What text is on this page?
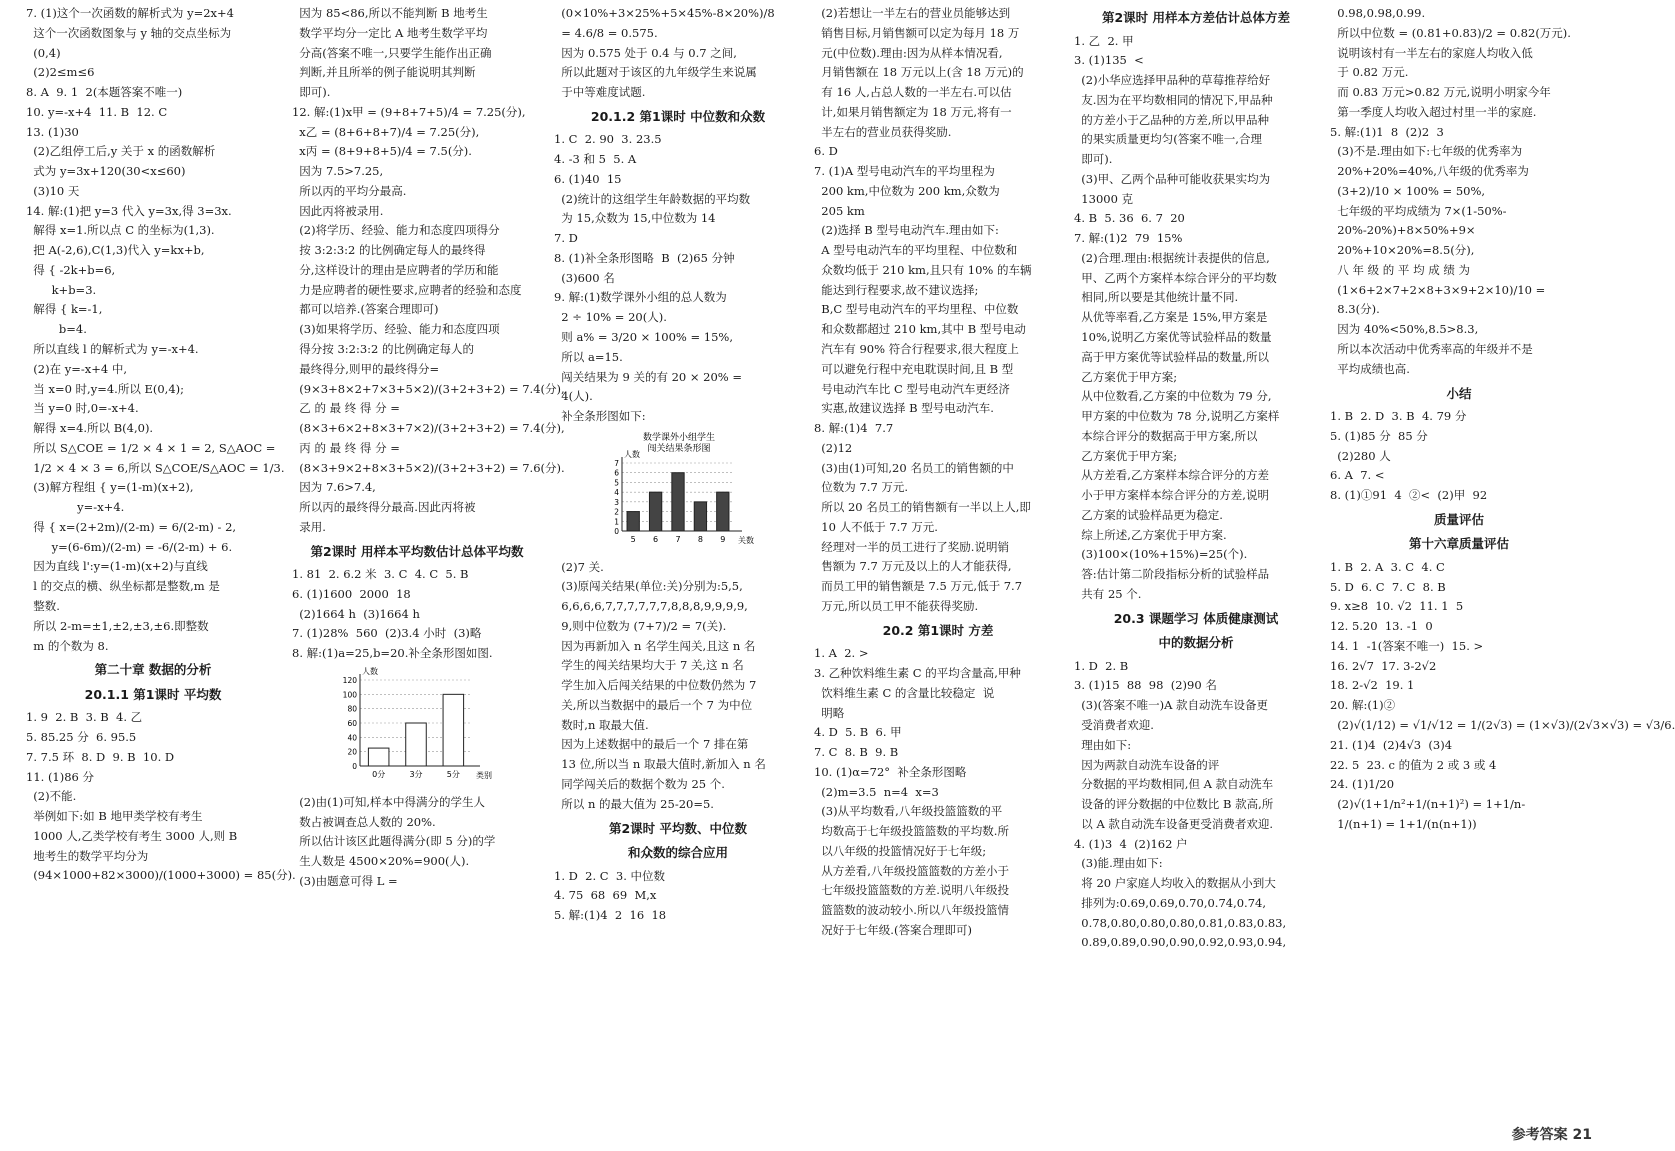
7. (1)这个一次函数的解析式为 y=2x+4
这个一次函数图象与 y 轴的交点坐标为
(0,4)
(2)2≤m≤6
8. A  9. 1  2(本题答案不唯一)
10. y=-x+4  11. B  12. C
13. (1)30
(2)乙组停工后,y 关于 x 的函数解析
式为 y=3x+120(30<x≤60)
(3)10 天
14. 解:(1)把 y=3 代入 y=3x,得 3=3x.
解得 x=1.所以点 C 的坐标为(1,3).
把 A(-2,6),C(1,3)代入 y=kx+b,
得 { -2k+b=6,
k+b=3.
解得 { k=-1,
b=4.
所以直线 l 的解析式为 y=-x+4.
(2)在 y=-x+4 中,
当 x=0 时,y=4.所以 E(0,4);
当 y=0 时,0=-x+4.
解得 x=4.所以 B(4,0).
所以 S△COE = 1/2 × 4 × 1 = 2, S△AOC =
1/2 × 4 × 3 = 6,所以 S△COE/S△AOC = 1/3.
(3)解方程组 { y=(1-m)(x+2),
y=-x+4.
得 { x=(2+2m)/(2-m) = 6/(2-m) - 2,
y=(6-6m)/(2-m) = -6/(2-m) + 6.
因为直线 l':y=(1-m)(x+2)与直线
l 的交点的横、纵坐标都是整数,m 是
整数.
所以 2-m=±1,±2,±3,±6.即整数
m 的个数为 8.
第二十章 数据的分析
20.1.1 第1课时 平均数
1. 9  2. B  3. B  4. 乙
5. 85.25 分  6. 95.5
7. 7.5 环  8. D  9. B  10. D
11. (1)86 分
(2)不能.
举例如下:如 B 地甲类学校有考生
1000 人,乙类学校有考生 3000 人,则 B
地考生的数学平均分为
(94×1000+82×3000)/(1000+3000) = 85(分).
因为 85<86,所以不能判断 B 地考生
数学平均分一定比 A 地考生数学平均
分高(答案不唯一,只要学生能作出正确
判断,并且所举的例子能说明其判断
即可).
12. 解:(1)x甲 = (9+8+7+5)/4 = 7.25(分),
x乙 = (8+6+8+7)/4 = 7.25(分),
x丙 = (8+9+8+5)/4 = 7.5(分).
因为 7.5>7.25,
所以丙的平均分最高.
因此丙将被录用.
(2)将学历、经验、能力和态度四项得分
按 3:2:3:2 的比例确定每人的最终得
分,这样设计的理由是应聘者的学历和能
力是应聘者的硬性要求,应聘者的经验和态度
都可以培养.(答案合理即可)
(3)如果将学历、经验、能力和态度四项
得分按 3:2:3:2 的比例确定每人的
最终得分,则甲的最终得分=
(9×3+8×2+7×3+5×2)/(3+2+3+2) = 7.4(分),
乙 的 最 终 得 分 =
(8×3+6×2+8×3+7×2)/(3+2+3+2) = 7.4(分),
丙 的 最 终 得 分 =
(8×3+9×2+8×3+5×2)/(3+2+3+2) = 7.6(分).
因为 7.6>7.4,
所以丙的最终得分最高.因此丙将被
录用.
第2课时 用样本平均数估计总体平均数
1. 81  2. 6.2 米  3. C  4. C  5. B
6. (1)1600  2000  18
(2)1664 h  (3)1664 h
7. (1)28%  560  (2)3.4 小时  (3)略
8. 解:(1)a=25,b=20.补全条形图如图.
0
20
40
60
80
100
120
人数
类别
0分	3分	5分
(2)由(1)可知,样本中得满分的学生人
数占被调查总人数的 20%.
所以估计该区此题得满分(即 5 分)的学
生人数是 4500×20%=900(人).
(3)由题意可得 L =
(0×10%+3×25%+5×45%-8×20%)/8
= 4.6/8 = 0.575.
因为 0.575 处于 0.4 与 0.7 之间,
所以此题对于该区的九年级学生来说属
于中等难度试题.
20.1.2 第1课时 中位数和众数
1. C  2. 90  3. 23.5
4. -3 和 5  5. A
6. (1)40  15
(2)统计的这组学生年龄数据的平均数
为 15,众数为 15,中位数为 14
7. D
8. (1)补全条形图略  B  (2)65 分钟
(3)600 名
9. 解:(1)数学课外小组的总人数为
2 ÷ 10% = 20(人).
则 a% = 3/20 × 100% = 15%,
所以 a=15.
闯关结果为 9 关的有 20 × 20% =
4(人).
补全条形图如下:
数学课外小组学生
闯关结果条形图
0
1
2
3
4
5
6
7
人数
关数
5 6 7 8 9
(2)7 关.
(3)原闯关结果(单位:关)分别为:5,5,
6,6,6,6,7,7,7,7,7,7,8,8,8,9,9,9,9,
9,则中位数为 (7+7)/2 = 7(关).
因为再新加入 n 名学生闯关,且这 n 名
学生的闯关结果均大于 7 关,这 n 名
学生加入后闯关结果的中位数仍然为 7
关,所以当数据中的最后一个 7 为中位
数时,n 取最大值.
因为上述数据中的最后一个 7 排在第
13 位,所以当 n 取最大值时,新加入 n 名
同学闯关后的数据个数为 25 个.
所以 n 的最大值为 25-20=5.
第2课时 平均数、中位数
和众数的综合应用
1. D  2. C  3. 中位数
4. 75  68  69  M,x
5. 解:(1)4  2  16  18
(2)若想让一半左右的营业员能够达到
销售目标,月销售额可以定为每月 18 万
元(中位数).理由:因为从样本情况看,
月销售额在 18 万元以上(含 18 万元)的
有 16 人,占总人数的一半左右.可以估
计,如果月销售额定为 18 万元,将有一
半左右的营业员获得奖励.
6. D
7. (1)A 型号电动汽车的平均里程为
200 km,中位数为 200 km,众数为
205 km
(2)选择 B 型号电动汽车.理由如下:
A 型号电动汽车的平均里程、中位数和
众数均低于 210 km,且只有 10% 的车辆
能达到行程要求,故不建议选择;
B,C 型号电动汽车的平均里程、中位数
和众数都超过 210 km,其中 B 型号电动
汽车有 90% 符合行程要求,很大程度上
可以避免行程中充电耽误时间,且 B 型
号电动汽车比 C 型号电动汽车更经济
实惠,故建议选择 B 型号电动汽车.
8. 解:(1)4  7.7
(2)12
(3)由(1)可知,20 名员工的销售额的中
位数为 7.7 万元.
所以 20 名员工的销售额有一半以上人,即
10 人不低于 7.7 万元.
经理对一半的员工进行了奖励.说明销
售额为 7.7 万元及以上的人才能获得,
而员工甲的销售额是 7.5 万元,低于 7.7
万元,所以员工甲不能获得奖励.
20.2 第1课时 方差
1. A  2. >
3. 乙种饮料维生素 C 的平均含量高,甲种
饮料维生素 C 的含量比较稳定  说
明略
4. D  5. B  6. 甲
7. C  8. B  9. B
10. (1)α=72°  补全条形图略
(2)m=3.5  n=4  x=3
(3)从平均数看,八年级投篮篮数的平
均数高于七年级投篮篮数的平均数.所
以八年级的投篮情况好于七年级;
从方差看,八年级投篮篮数的方差小于
七年级投篮篮数的方差.说明八年级投
篮篮数的波动较小.所以八年级投篮情
况好于七年级.(答案合理即可)
第2课时 用样本方差估计总体方差
1. 乙  2. 甲
3. (1)135  <
(2)小华应选择甲品种的草莓推荐给好
友.因为在平均数相同的情况下,甲品种
的方差小于乙品种的方差,所以甲品种
的果实质量更均匀(答案不唯一,合理
即可).
(3)甲、乙两个品种可能收获果实均为
13000 克
4. B  5. 36  6. 7  20
7. 解:(1)2  79  15%
(2)合理.理由:根据统计表提供的信息,
甲、乙两个方案样本综合评分的平均数
相同,所以要是其他统计量不同.
从优等率看,乙方案是 15%,甲方案是
10%,说明乙方案优等试验样品的数量
高于甲方案优等试验样品的数量,所以
乙方案优于甲方案;
从中位数看,乙方案的中位数为 79 分,
甲方案的中位数为 78 分,说明乙方案样
本综合评分的数据高于甲方案,所以
乙方案优于甲方案;
从方差看,乙方案样本综合评分的方差
小于甲方案样本综合评分的方差,说明
乙方案的试验样品更为稳定.
综上所述,乙方案优于甲方案.
(3)100×(10%+15%)=25(个).
答:估计第二阶段指标分析的试验样品
共有 25 个.
20.3 课题学习 体质健康测试
中的数据分析
1. D  2. B
3. (1)15  88  98  (2)90 名
(3)(答案不唯一)A 款自动洗车设备更
受消费者欢迎.
理由如下:
因为两款自动洗车设备的评
分数据的平均数相同,但 A 款自动洗车
设备的评分数据的中位数比 B 款高,所
以 A 款自动洗车设备更受消费者欢迎.
4. (1)3  4  (2)162 户
(3)能.理由如下:
将 20 户家庭人均收入的数据从小到大
排列为:0.69,0.69,0.70,0.74,0.74,
0.78,0.80,0.80,0.80,0.81,0.83,0.83,
0.89,0.89,0.90,0.90,0.92,0.93,0.94,
0.98,0.98,0.99.
所以中位数 = (0.81+0.83)/2 = 0.82(万元).
说明该村有一半左右的家庭人均收入低
于 0.82 万元.
而 0.83 万元>0.82 万元,说明小明家今年
第一季度人均收入超过村里一半的家庭.
5. 解:(1)1  8  (2)2  3
(3)不是.理由如下:七年级的优秀率为
20%+20%=40%,八年级的优秀率为
(3+2)/10 × 100% = 50%,
七年级的平均成绩为 7×(1-50%-
20%-20%)+8×50%+9×
20%+10×20%=8.5(分),
八 年 级 的 平 均 成 绩 为
(1×6+2×7+2×8+3×9+2×10)/10 =
8.3(分).
因为 40%<50%,8.5>8.3,
所以本次活动中优秀率高的年级并不是
平均成绩也高.
小结
1. B  2. D  3. B  4. 79 分
5. (1)85 分  85 分
(2)280 人
6. A  7. <
8. (1)①91  4  ②<  (2)甲  92
质量评估
第十六章质量评估
1. B  2. A  3. C  4. C
5. D  6. C  7. C  8. B
9. x≥8  10. √2  11. 1  5
12. 5.20  13. -1  0
14. 1  -1(答案不唯一)  15. >
16. 2√7  17. 3-2√2
18. 2-√2  19. 1
20. 解:(1)②
(2)√(1/12) = √1/√12 = 1/(2√3) = (1×√3)/(2√3×√3) = √3/6.
21. (1)4  (2)4√3  (3)4
22. 5  23. c 的值为 2 或 3 或 4
24. (1)1/20
(2)√(1+1/n²+1/(n+1)²) = 1+1/n-
1/(n+1) = 1+1/(n(n+1))
参考答案 21
